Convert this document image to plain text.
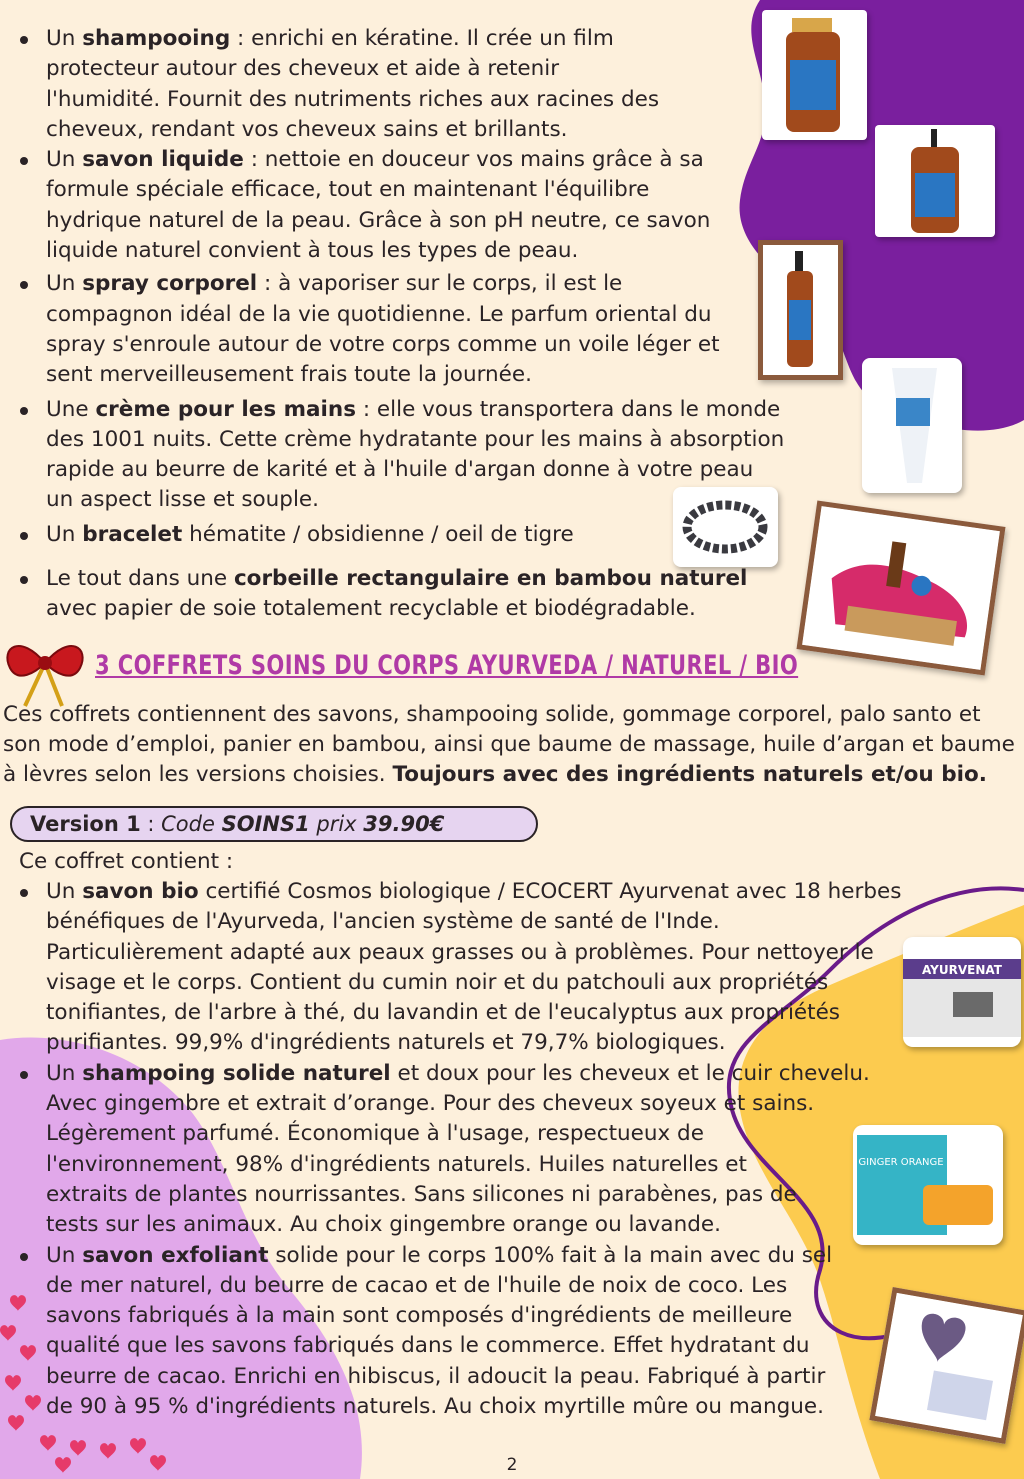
AYURVENAT
GINGER ORANGE
Un shampooing : enrichi en kératine. Il crée un film
protecteur autour des cheveux et aide à retenir
l'humidité. Fournit des nutriments riches aux racines des
cheveux, rendant vos cheveux sains et brillants.
Un savon liquide : nettoie en douceur vos mains grâce à sa
formule spéciale efficace, tout en maintenant l'équilibre
hydrique naturel de la peau. Grâce à son pH neutre, ce savon
liquide naturel convient à tous les types de peau.
Un spray corporel : à vaporiser sur le corps, il est le
compagnon idéal de la vie quotidienne. Le parfum oriental du
spray s'enroule autour de votre corps comme un voile léger et
sent merveilleusement frais toute la journée.
Une crème pour les mains : elle vous transportera dans le monde
des 1001 nuits. Cette crème hydratante pour les mains à absorption
rapide au beurre de karité et à l'huile d'argan donne à votre peau
un aspect lisse et souple.
Un bracelet hématite / obsidienne / oeil de tigre
Le tout dans une corbeille rectangulaire en bambou naturel
avec papier de soie totalement recyclable et biodégradable.
3 COFFRETS SOINS DU CORPS AYURVEDA / NATUREL / BIO
Ces coffrets contiennent des savons, shampooing solide, gommage corporel, palo santo et
son mode d’emploi, panier en bambou, ainsi que baume de massage, huile d’argan et baume
à lèvres selon les versions choisies. Toujours avec des ingrédients naturels et/ou bio.
Version 1 : Code SOINS1 prix 39.90€
Ce coffret contient :
Un savon bio certifié Cosmos biologique / ECOCERT Ayurvenat avec 18 herbes
bénéfiques de l'Ayurveda, l'ancien système de santé de l'Inde.
Particulièrement adapté aux peaux grasses ou à problèmes. Pour nettoyer le
visage et le corps. Contient du cumin noir et du patchouli aux propriétés
tonifiantes, de l'arbre à thé, du lavandin et de l'eucalyptus aux propriétés
purifiantes. 99,9% d'ingrédients naturels et 79,7% biologiques.
Un shampoing solide naturel et doux pour les cheveux et le cuir chevelu.
Avec gingembre et extrait d’orange. Pour des cheveux soyeux et sains.
Légèrement parfumé. Économique à l'usage, respectueux de
l'environnement, 98% d'ingrédients naturels. Huiles naturelles et
extraits de plantes nourrissantes. Sans silicones ni parabènes, pas de
tests sur les animaux. Au choix gingembre orange ou lavande.
Un savon exfoliant solide pour le corps 100% fait à la main avec du sel
de mer naturel, du beurre de cacao et de l'huile de noix de coco. Les
savons fabriqués à la main sont composés d'ingrédients de meilleure
qualité que les savons fabriqués dans le commerce. Effet hydratant du
beurre de cacao. Enrichi en hibiscus, il adoucit la peau. Fabriqué à partir
de 90 à 95 % d'ingrédients naturels. Au choix myrtille mûre ou mangue.
2
